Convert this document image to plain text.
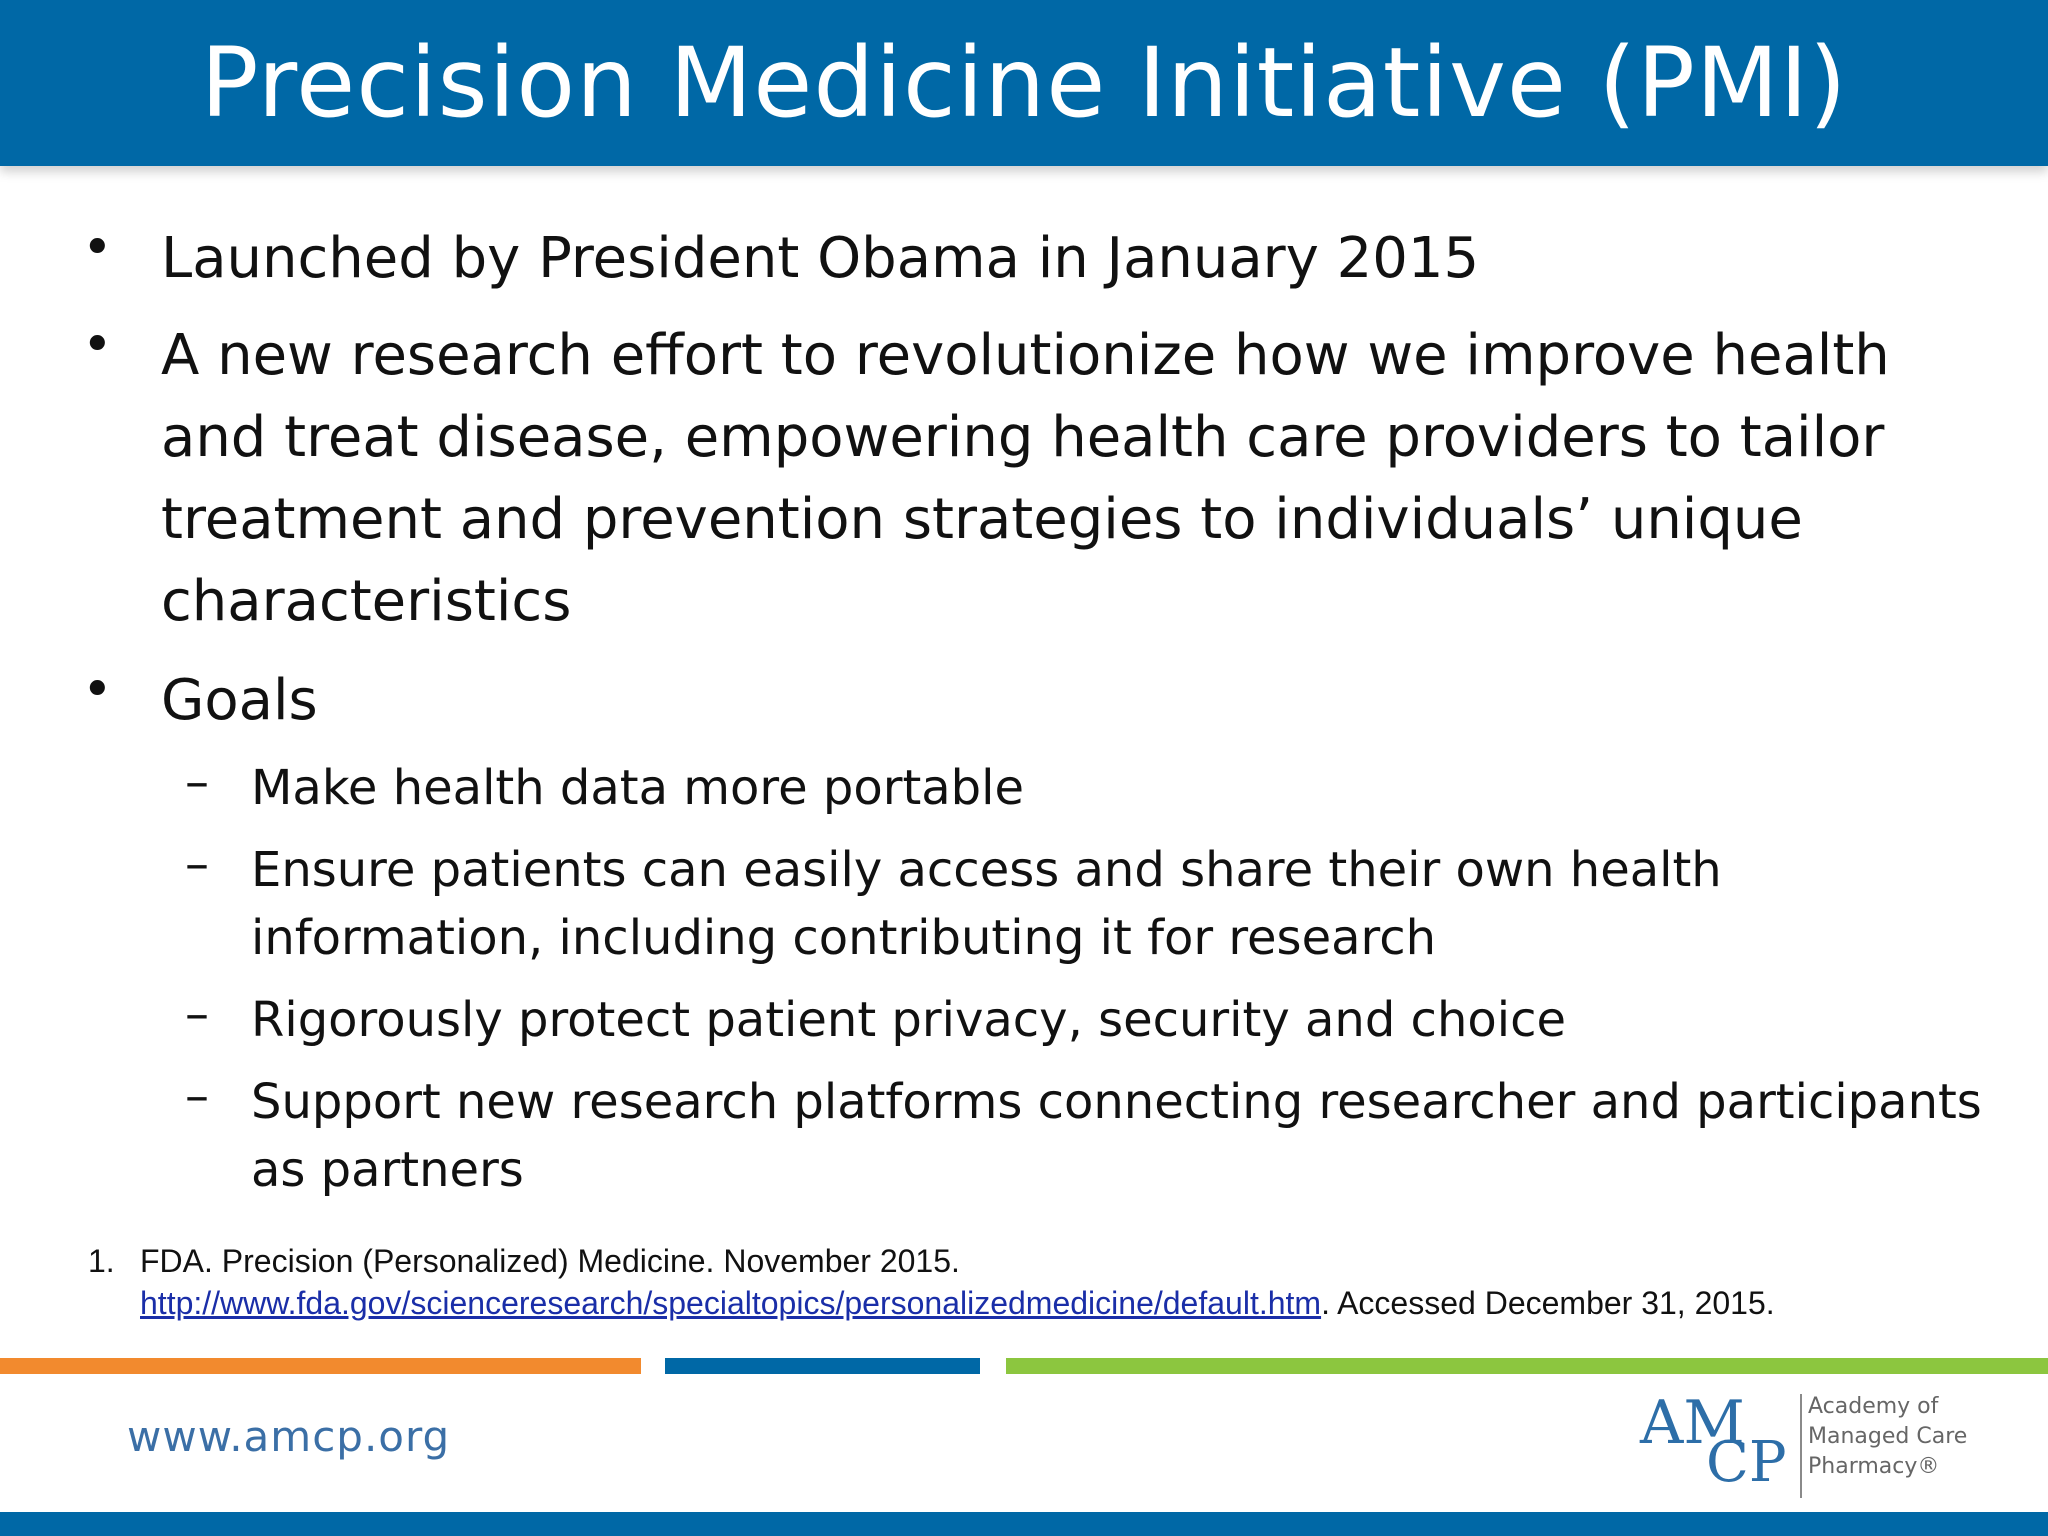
Precision Medicine Initiative (PMI)
• Launched by President Obama in January 2015
• A new research effort to revolutionize how we improve health and treat disease, empowering health care providers to tailor treatment and prevention strategies to individuals’ unique characteristics
• Goals
– Make health data more portable
– Ensure patients can easily access and share their own health information, including contributing it for research
– Rigorously protect patient privacy, security and choice
– Support new research platforms connecting researcher and participants as partners
1. FDA. Precision (Personalized) Medicine. November 2015.
http://www.fda.gov/scienceresearch/specialtopics/personalizedmedicine/default.htm. Accessed December 31, 2015.
www.amcp.org	AM
CP
Academy of
Managed Care
Pharmacy®
